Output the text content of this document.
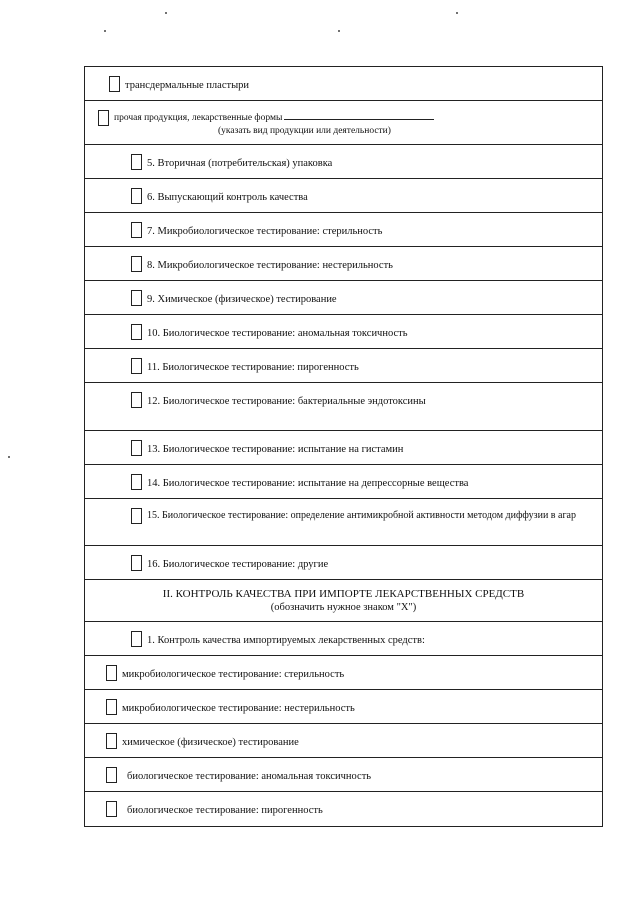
трансдермальные пластыри
прочая продукция, лекарственные формы
(указать вид продукции или деятельности)
5. Вторичная (потребительская) упаковка
6. Выпускающий контроль качества
7. Микробиологическое тестирование: стерильность
8. Микробиологическое тестирование: нестерильность
9. Химическое (физическое) тестирование
10. Биологическое тестирование: аномальная токсичность
11. Биологическое тестирование: пирогенность
12. Биологическое тестирование: бактериальные эндотоксины
13. Биологическое тестирование: испытание на гистамин
14. Биологическое тестирование: испытание на депрессорные вещества
15. Биологическое тестирование: определение антимикробной активности методом диффузии в агар
16. Биологическое тестирование: другие
II. КОНТРОЛЬ КАЧЕСТВА ПРИ ИМПОРТЕ ЛЕКАРСТВЕННЫХ СРЕДСТВ
(обозначить нужное знаком "X")
1. Контроль качества импортируемых лекарственных средств:
микробиологическое тестирование: стерильность
микробиологическое тестирование: нестерильность
химическое (физическое) тестирование
биологическое тестирование: аномальная токсичность
биологическое тестирование: пирогенность
